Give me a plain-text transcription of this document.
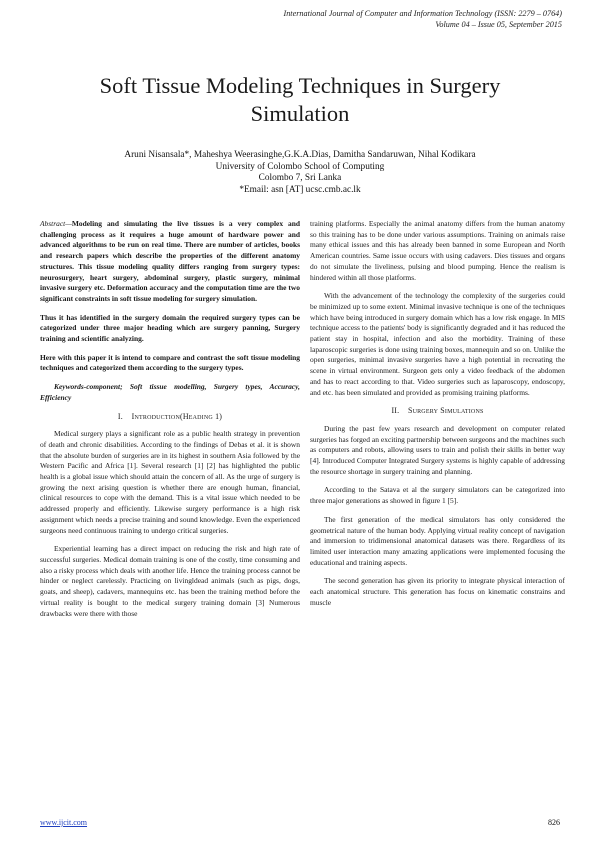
International Journal of Computer and Information Technology (ISSN: 2279 – 0764)
Volume 04 – Issue 05, September 2015
Soft Tissue Modeling Techniques in Surgery
Simulation
Aruni Nisansala*, Maheshya Weerasinghe,G.K.A.Dias, Damitha Sandaruwan, Nihal Kodikara
University of Colombo School of Computing
Colombo 7, Sri Lanka
*Email: asn [AT] ucsc.cmb.ac.lk

Abstract—Modeling and simulating the live tissues is a very complex and challenging process as it requires a huge amount of hardware power and advanced algorithms to be run on real time. There are number of articles, books and research papers which describe the properties of the different anatomy structures. This tissue modeling quality differs ranging from surgery types: neurosurgery, heart surgery, abdominal surgery, plastic surgery, minimal invasive surgery etc. Deformation accuracy and the computation time are the two significant constraints in soft tissue modeling for surgery simulation.

Thus it has identified in the surgery domain the required surgery types can be categorized under three major heading which are surgery panning, Surgery training and scientific analyzing.

Here with this paper it is intend to compare and contrast the soft tissue modeling techniques and categorized them according to the surgery types.

Keywords-component; Soft tissue modelling, Surgery types, Accuracy, Efficiency

I. Introduction(Heading 1)

Medical surgery plays a significant role as a public health strategy in prevention of death and chronic disabilities. According to the findings of Debas et al. it is shown that the absolute burden of surgeries are in its highest in southern Asia followed by the Western Pacific and Africa [1]. Several research [1] [2] has highlighted the public health is a global issue which should attain the concern of all. As the urge of surgery is growing the next arising question is whether there are enough human, financial, clinical resources to cope with the demand. This is a vital issue which needed to be addressed properly and efficiently. Likewise surgery performance is a high risk assignment which needs a precise training and sound knowledge. Even the experienced surgeons need continuous training to undergo critical surgeries.

Experiential learning has a direct impact on reducing the risk and high rate of successful surgeries. Medical domain training is one of the costly, time consuming and also a risky process which deals with another life. Hence the training process cannot be hinder or neglect carelessly. Practicing on livingldead animals (such as pigs, dogs, goats, and sheep), cadavers, mannequins etc. has been the training method before the virtual reality is bought to the medical surgery training domain [3] Numerous drawbacks were there with those

training platforms. Especially the animal anatomy differs from the human anatomy so this training has to be done under various assumptions. Training on animals raise many ethical issues and this has already been banned in some European and North American countries. Same issue occurs with using cadavers. Dies tissues and organs do not simulate the liveliness, pulsing and blood pumping. Hence the realism is hindered within all those platforms.

With the advancement of the technology the complexity of the surgeries could be minimized up to some extent. Minimal invasive technique is one of the techniques which have being introduced in surgery domain which has a low risk engage. In MIS technique access to the patients' body is significantly degraded and it has reduced the patient stay in hospital, infection and also the morbidity. Training of these laparoscopic surgeries is done using training boxes, mannequin and so on. Unlike the open surgeries, minimal invasive surgeries have a high potential in recreating the scene in virtual environment. Surgeon gets only a video feedback of the abdomen and has to react according to that. Video surgeries such as laparoscopy, endoscopy, and etc. has been simulated and provided as promising training platforms.

II. Surgery Simulations

During the past few years research and development on computer related surgeries has forged an exciting partnership between surgeons and the machines such as computers and robots, allowing users to train and polish their skills in better way [4]. Introduced Computer Integrated Surgery systems is highly capable of addressing the resource shortage in surgery training and planning.

According to the Satava et al the surgery simulators can be categorized into three major generations as showed in figure 1 [5].

The first generation of the medical simulators has only considered the geometrical nature of the human body. Applying virtual reality concept of navigation and immersion to tridimensional anatomical datasets was there. Regardless of its limited user interaction many amazing applications were implemented focusing the educational and training aspects.

The second generation has given its priority to integrate physical interaction of each anatomical structure. This generation has focus on kinematic constrains and muscle

www.ijcit.com	826
